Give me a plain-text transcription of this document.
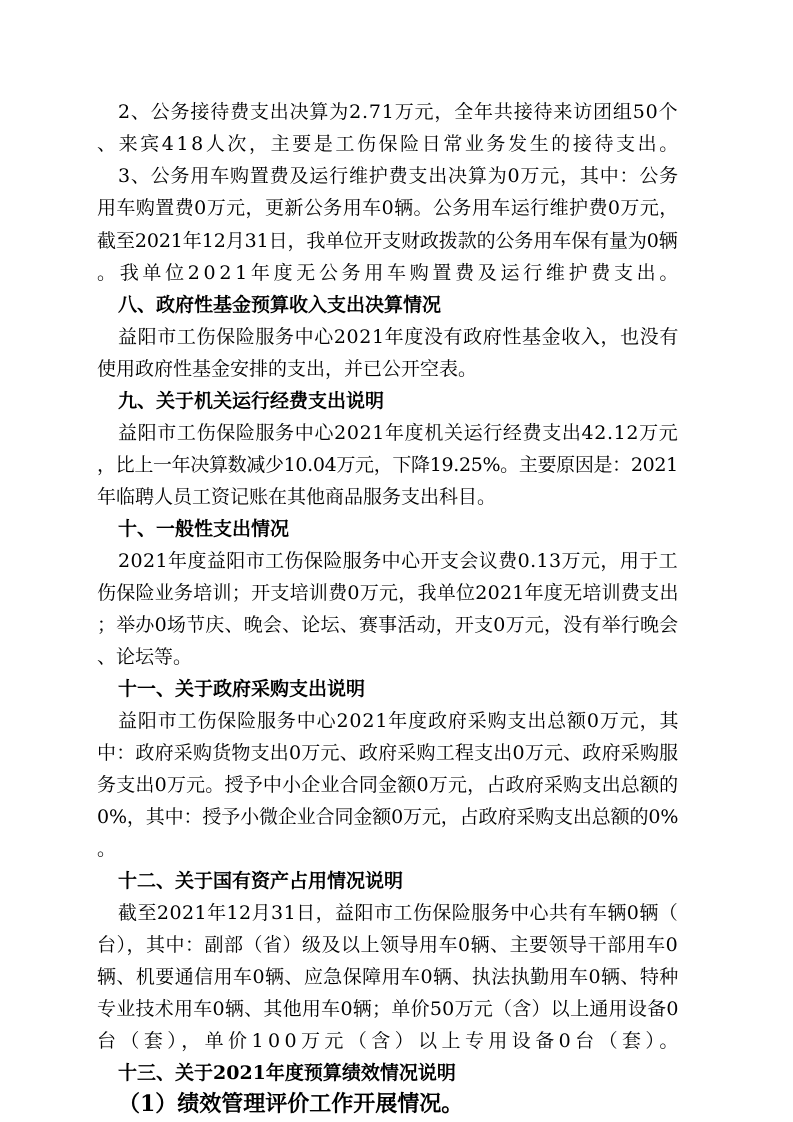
2、公务接待费支出决算为2.71万元，全年共接待来访团组50个
、来宾418人次，主要是工伤保险日常业务发生的接待支出。
3、公务用车购置费及运行维护费支出决算为0万元，其中：公务
用车购置费0万元，更新公务用车0辆。公务用车运行维护费0万元，
截至2021年12月31日，我单位开支财政拨款的公务用车保有量为0辆
。我单位2021年度无公务用车购置费及运行维护费支出。
八、政府性基金预算收入支出决算情况
益阳市工伤保险服务中心2021年度没有政府性基金收入，也没有
使用政府性基金安排的支出，并已公开空表。
九、关于机关运行经费支出说明
益阳市工伤保险服务中心2021年度机关运行经费支出42.12万元
，比上一年决算数减少10.04万元，下降19.25%。主要原因是：2021
年临聘人员工资记账在其他商品服务支出科目。
十、一般性支出情况
2021年度益阳市工伤保险服务中心开支会议费0.13万元，用于工
伤保险业务培训；开支培训费0万元，我单位2021年度无培训费支出
；举办0场节庆、晚会、论坛、赛事活动，开支0万元，没有举行晚会
、论坛等。
十一、关于政府采购支出说明
益阳市工伤保险服务中心2021年度政府采购支出总额0万元，其
中：政府采购货物支出0万元、政府采购工程支出0万元、政府采购服
务支出0万元。授予中小企业合同金额0万元，占政府采购支出总额的
0%，其中：授予小微企业合同金额0万元，占政府采购支出总额的0%
。
十二、关于国有资产占用情况说明
截至2021年12月31日，益阳市工伤保险服务中心共有车辆0辆（
台），其中：副部（省）级及以上领导用车0辆、主要领导干部用车0
辆、机要通信用车0辆、应急保障用车0辆、执法执勤用车0辆、特种
专业技术用车0辆、其他用车0辆；单价50万元（含）以上通用设备0
台（套），单价100万元（含）以上专用设备0台（套）。
十三、关于2021年度预算绩效情况说明
（1）绩效管理评价工作开展情况。
